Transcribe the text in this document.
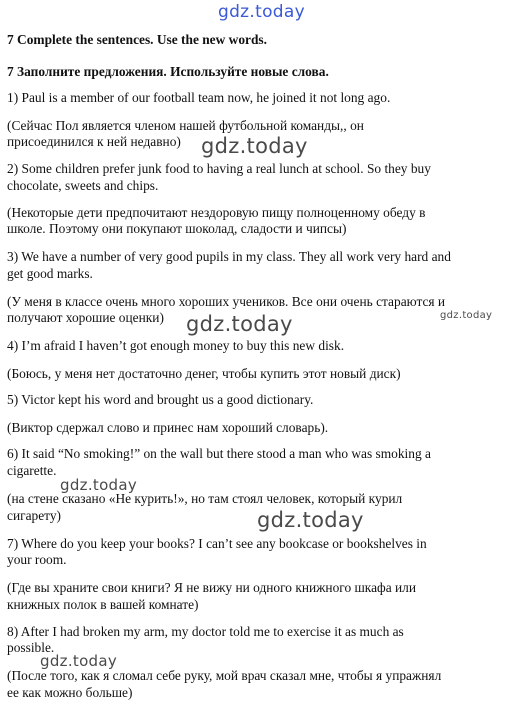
gdz.today

7 Complete the sentences. Use the new words.

7 Заполните предложения. Используйте новые слова.

1) Paul is a member of our football team now, he joined it not long ago.

(Сейчас Пол является членом нашей футбольной команды,, он

присоединился к ней недавно)

2) Some children prefer junk food to having a real lunch at school. So they buy

chocolate, sweets and chips.

(Некоторые дети предпочитают нездоровую пищу полноценному обеду в

школе. Поэтому они покупают шоколад, сладости и чипсы)

3) We have a number of very good pupils in my class. They all work very hard and

get good marks.

(У меня в классе очень много хороших учеников. Все они очень стараются и

получают хорошие оценки)

4) I’m afraid I haven’t got enough money to buy this new disk.

(Боюсь, у меня нет достаточно денег, чтобы купить этот новый диск)

5) Victor kept his word and brought us a good dictionary.

(Виктор сдержал слово и принес нам хороший словарь).

6) It said “No smoking!” on the wall but there stood a man who was smoking a

cigarette.

(на стене сказано «Не курить!», но там стоял человек, который курил

сигарету)

7) Where do you keep your books? I can’t see any bookcase or bookshelves in

your room.

(Где вы храните свои книги? Я не вижу ни одного книжного шкафа или

книжных полок в вашей комнате)

8) After I had broken my arm, my doctor told me to exercise it as much as

possible.

(После того, как я сломал себе руку, мой врач сказал мне, чтобы я упражнял

ее как можно больше)

gdz.today
gdz.today	gdz.today
gdz.today
gdz.today
gdz.today
